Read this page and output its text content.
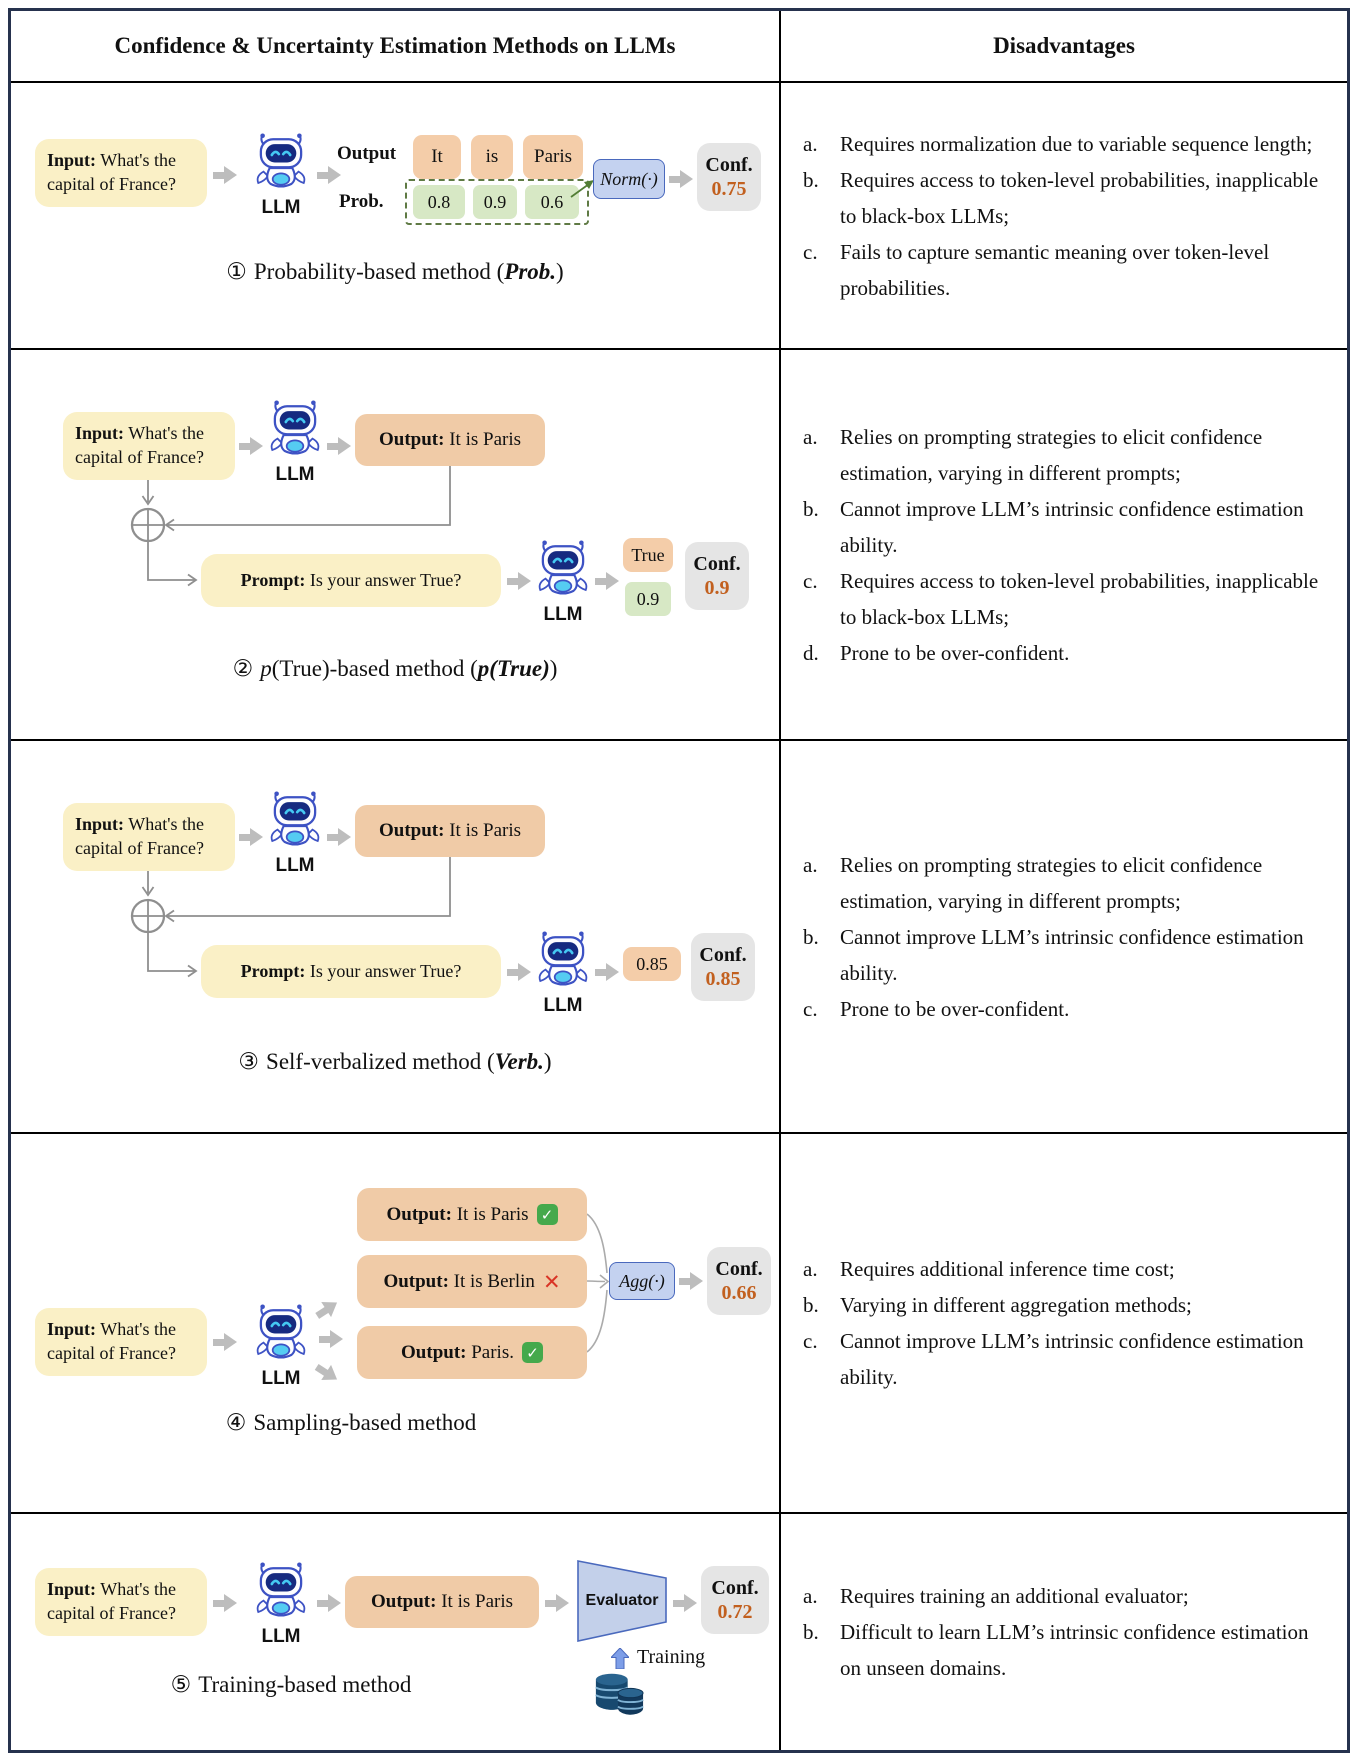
Confidence & Uncertainty Estimation Methods on LLMs	Disadvantages
Input: What's the capital of France?
LLM
Output	It	is	Paris
Prob.	0.8	0.9	0.6
Norm(·)
Conf.
0.75
① Probability-based method (Prob.)
a.	Requires normalization due to variable sequence length;
b.	Requires access to token-level probabilities, inapplicable to black-box LLMs;
c.	Fails to capture semantic meaning over token-level probabilities.
Input: What's the capital of France?
LLM
Output:
It is Paris
Prompt:
Is your answer True?
LLM
True
0.9
Conf.
0.9
② p(True)-based method (p(True))
a.	Relies on prompting strategies to elicit confidence estimation, varying in different prompts;
b.	Cannot improve LLM’s intrinsic confidence estimation ability.
c.	Requires access to token-level probabilities, inapplicable to black-box LLMs;
d.	Prone to be over-confident.
Input: What's the capital of France?
LLM
Output:
It is Paris
Prompt:
Is your answer True?
LLM
0.85	Conf.
0.85
③ Self-verbalized method (Verb.)
a.	Relies on prompting strategies to elicit confidence estimation, varying in different prompts;
b.	Cannot improve LLM’s intrinsic confidence estimation ability.
c.	Prone to be over-confident.
Input: What's the capital of France?
LLM
Output:
It is Paris
✓
Output:
It is Berlin
✕
Output:
Paris.
✓
Agg(·)
Conf.
0.66
④ Sampling-based method
a.	Requires additional inference time cost;
b.	Varying in different aggregation methods;
c.	Cannot improve LLM’s intrinsic confidence estimation ability.
Input: What's the capital of France?
LLM
Output:
It is Paris	Evaluator
Conf.
0.72
Training
⑤ Training-based method
a.	Requires training an additional evaluator;
b.	Difficult to learn LLM’s intrinsic confidence estimation on unseen domains.
